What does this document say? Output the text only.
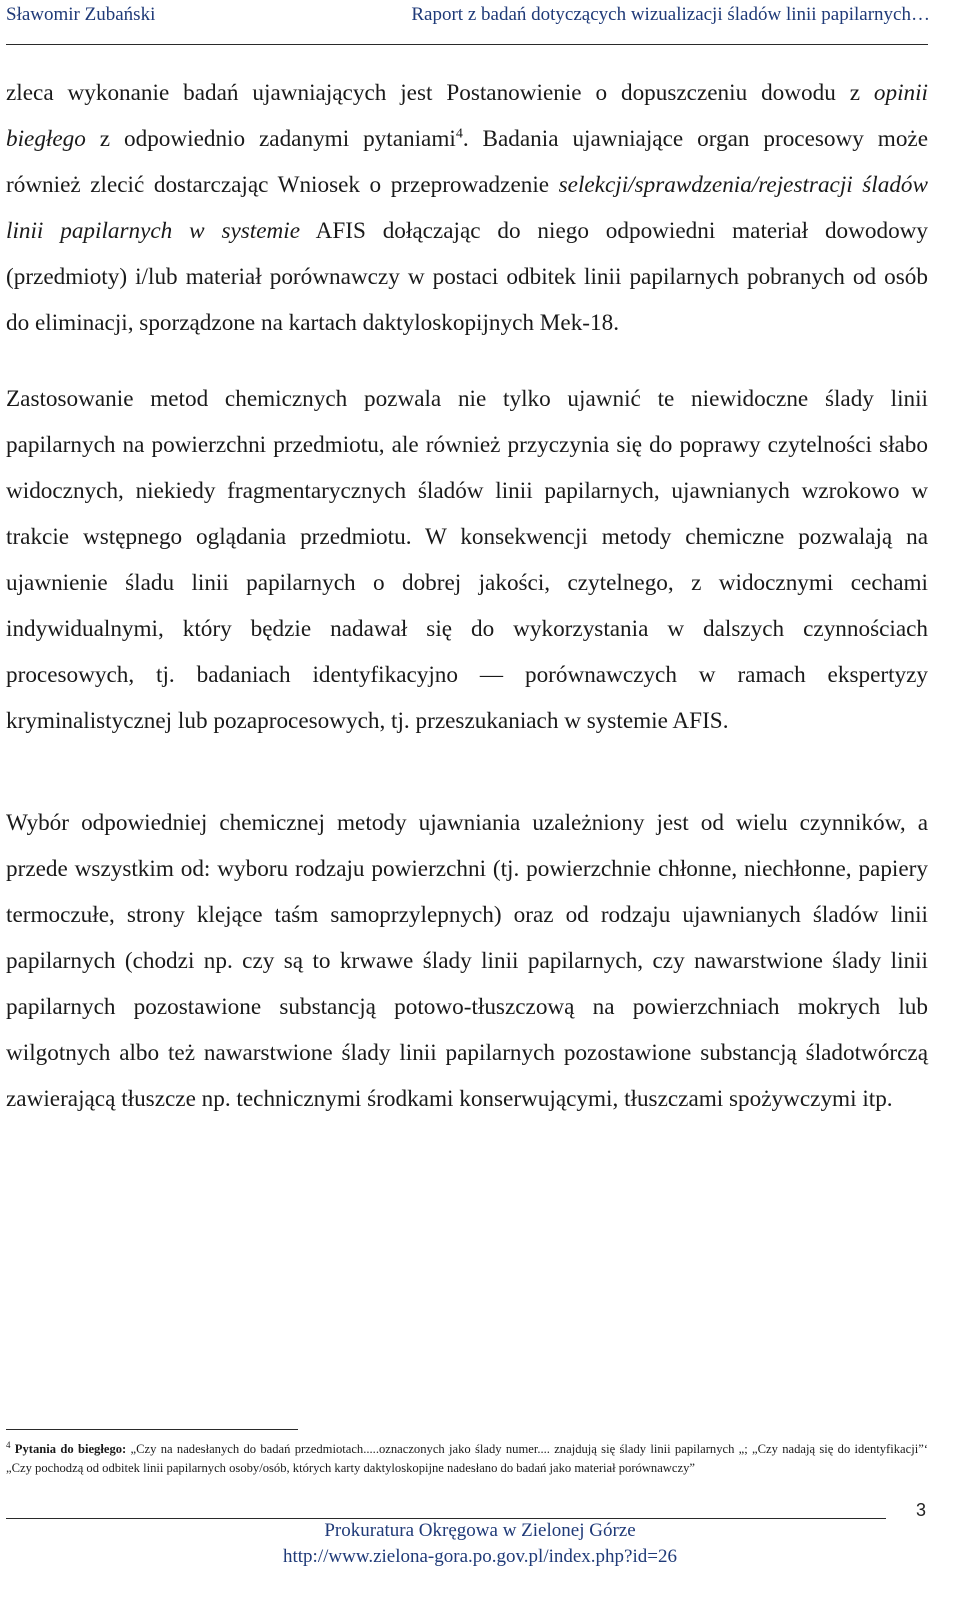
Sławomir Zubański	Raport z badań dotyczących wizualizacji śladów linii papilarnych…

zleca wykonanie badań ujawniających jest Postanowienie o dopuszczeniu dowodu z opinii biegłego z odpowiednio zadanymi pytaniami$^4$. Badania ujawniające organ procesowy może również zlecić dostarczając Wniosek o przeprowadzenie selekcji/sprawdzenia/rejestracji śladów linii papilarnych w systemie AFIS dołączając do niego odpowiedni materiał dowodowy (przedmioty) i/lub materiał porównawczy w postaci odbitek linii papilarnych pobranych od osób do eliminacji, sporządzone na kartach daktyloskopijnych Mek-18.

Zastosowanie metod chemicznych pozwala nie tylko ujawnić te niewidoczne ślady linii papilarnych na powierzchni przedmiotu, ale również przyczynia się do poprawy czytelności słabo widocznych, niekiedy fragmentarycznych śladów linii papilarnych, ujawnianych wzrokowo w trakcie wstępnego oglądania przedmiotu. W konsekwencji metody chemiczne pozwalają na ujawnienie śladu linii papilarnych o dobrej jakości, czytelnego, z widocznymi cechami indywidualnymi, który będzie nadawał się do wykorzystania w dalszych czynnościach procesowych, tj. badaniach identyfikacyjno — porównawczych w ramach ekspertyzy kryminalistycznej lub pozaprocesowych, tj. przeszukaniach w systemie AFIS.

Wybór odpowiedniej chemicznej metody ujawniania uzależniony jest od wielu czynników, a przede wszystkim od: wyboru rodzaju powierzchni (tj. powierzchnie chłonne, niechłonne, papiery termoczułe, strony klejące taśm samoprzylepnych) oraz od rodzaju ujawnianych śladów linii papilarnych (chodzi np. czy są to krwawe ślady linii papilarnych, czy nawarstwione ślady linii papilarnych pozostawione substancją potowo-tłuszczową na powierzchniach mokrych lub wilgotnych albo też nawarstwione ślady linii papilarnych pozostawione substancją śladotwórczą zawierającą tłuszcze np. technicznymi środkami konserwującymi, tłuszczami spożywczymi itp.

$^4$ Pytania do biegłego: „Czy na nadesłanych do badań przedmiotach.....oznaczonych jako ślady numer.... znajdują się ślady linii papilarnych „; „Czy nadają się do identyfikacji”‘ „Czy pochodzą od odbitek linii papilarnych osoby/osób, których karty daktyloskopijne nadesłano do badań jako materiał porównawczy”
3
Prokuratura Okręgowa w Zielonej Górze
http://www.zielona-gora.po.gov.pl/index.php?id=26
